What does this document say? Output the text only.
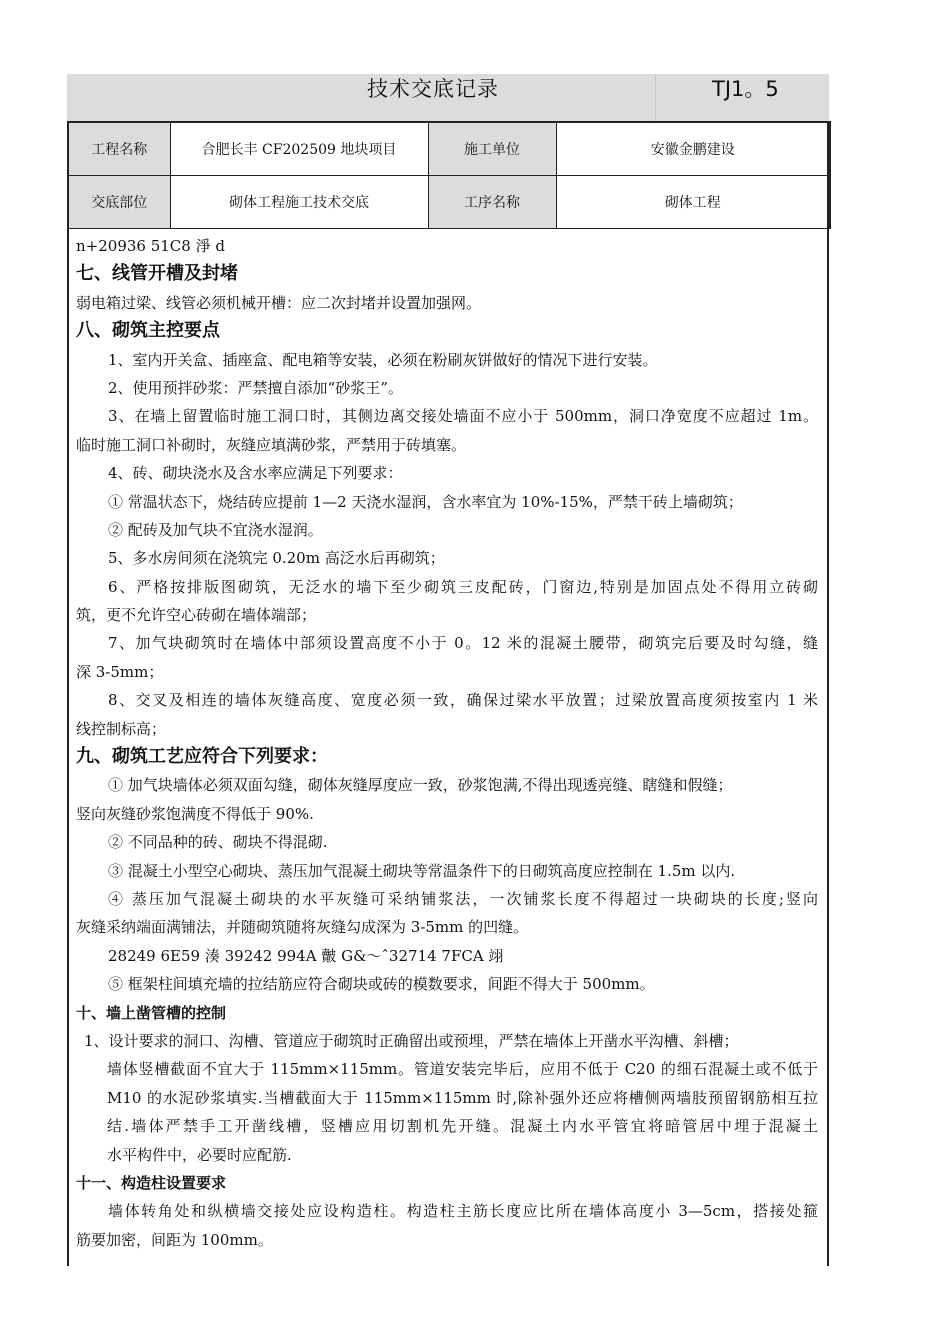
技术交底记录	TJ1。5
工程名称	合肥长丰 CF202509 地块项目	施工单位	安徽金鹏建设
交底部位	砌体工程施工技术交底	工序名称	砌体工程
n+20936 51C8 淨 d
七、线管开槽及封堵
弱电箱过梁、线管必须机械开槽：应二次封堵并设置加强网。
八、砌筑主控要点
1、室内开关盒、插座盒、配电箱等安装，必须在粉刷灰饼做好的情况下进行安装。
2、使用预拌砂浆：严禁擅自添加“砂浆王”。
3、在墙上留置临时施工洞口时，其侧边离交接处墙面不应小于 500mm，洞口净宽度不应超过 1m。
临时施工洞口补砌时，灰缝应填满砂浆，严禁用于砖填塞。
4、砖、砌块浇水及含水率应满足下列要求：
① 常温状态下，烧结砖应提前 1—2 天浇水湿润，含水率宜为 10%-15%，严禁干砖上墙砌筑；
② 配砖及加气块不宜浇水湿润。
5、多水房间须在浇筑完 0.20m 高泛水后再砌筑；
6、严格按排版图砌筑，无泛水的墙下至少砌筑三皮配砖，门窗边,特别是加固点处不得用立砖砌
筑，更不允许空心砖砌在墙体端部；
7、加气块砌筑时在墙体中部须设置高度不小于 0。12 米的混凝土腰带，砌筑完后要及时勾缝，缝
深 3-5mm；
8、交叉及相连的墙体灰缝高度、宽度必须一致，确保过梁水平放置；过梁放置高度须按室内 1 米
线控制标高；
九、砌筑工艺应符合下列要求：
① 加气块墙体必须双面勾缝，砌体灰缝厚度应一致，砂浆饱满,不得出现透亮缝、瞎缝和假缝；
竖向灰缝砂浆饱满度不得低于 90%.
② 不同品种的砖、砌块不得混砌.
③ 混凝土小型空心砌块、蒸压加气混凝土砌块等常温条件下的日砌筑高度应控制在 1.5m 以内.
④ 蒸压加气混凝土砌块的水平灰缝可采纳铺浆法，一次铺浆长度不得超过一块砌块的长度;竖向
灰缝采纳端面满铺法，并随砌筑随将灰缝勾成深为 3-5mm 的凹缝。
28249 6E59 湊 39242 994A 皾 G&～ˆ32714 7FCA 翊
⑤ 框架柱间填充墙的拉结筋应符合砌块或砖的模数要求，间距不得大于 500mm。
十、墙上凿管槽的控制
1、设计要求的洞口、沟槽、管道应于砌筑时正确留出或预埋，严禁在墙体上开凿水平沟槽、斜槽；
墙体竖槽截面不宜大于 115mm×115mm。管道安装完毕后，应用不低于 C20 的细石混凝土或不低于
M10 的水泥砂浆填实.当槽截面大于 115mm×115mm 时,除补强外还应将槽侧两墙肢预留钢筋相互拉
结.墙体严禁手工开凿线槽，竖槽应用切割机先开缝。混凝土内水平管宜将暗管居中埋于混凝土
水平构件中，必要时应配筋.
十一、构造柱设置要求
墙体转角处和纵横墙交接处应设构造柱。构造柱主筋长度应比所在墙体高度小 3—5cm，搭接处箍
筋要加密，间距为 100mm。
